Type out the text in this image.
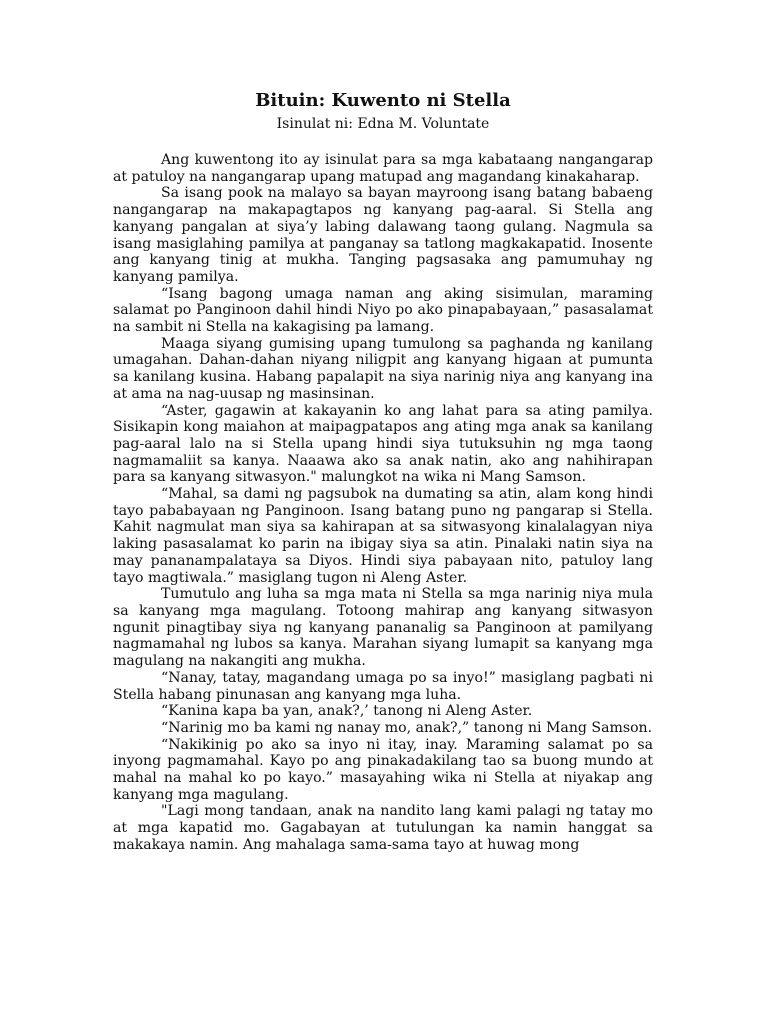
Bituin: Kuwento ni Stella
Isinulat ni: Edna M. Voluntate

Ang kuwentong ito ay isinulat para sa mga kabataang nangangarap at patuloy na nangangarap upang matupad ang magandang kinakaharap.

Sa isang pook na malayo sa bayan mayroong isang batang babaeng nangangarap na makapagtapos ng kanyang pag-aaral. Si Stella ang kanyang pangalan at siya’y labing dalawang taong gulang. Nagmula sa isang masiglahing pamilya at panganay sa tatlong magkakapatid. Inosente ang kanyang tinig at mukha. Tanging pagsasaka ang pamumuhay ng kanyang pamilya.

“Isang bagong umaga naman ang aking sisimulan, maraming salamat po Panginoon dahil hindi Niyo po ako pinapabayaan,” pasasalamat na sambit ni Stella na kakagising pa lamang.

Maaga siyang gumising upang tumulong sa paghanda ng kanilang umagahan. Dahan-dahan niyang niligpit ang kanyang higaan at pumunta sa kanilang kusina. Habang papalapit na siya narinig niya ang kanyang ina at ama na nag-uusap ng masinsinan.

“Aster, gagawin at kakayanin ko ang lahat para sa ating pamilya. Sisikapin kong maiahon at maipagpatapos ang ating mga anak sa kanilang pag-aaral lalo na si Stella upang hindi siya tutuksuhin ng mga taong nagmamaliit sa kanya. Naaawa ako sa anak natin, ako ang nahihirapan para sa kanyang sitwasyon." malungkot na wika ni Mang Samson.

“Mahal, sa dami ng pagsubok na dumating sa atin, alam kong hindi tayo pababayaan ng Panginoon. Isang batang puno ng pangarap si Stella. Kahit nagmulat man siya sa kahirapan at sa sitwasyong kinalalagyan niya laking pasasalamat ko parin na ibigay siya sa atin. Pinalaki natin siya na may pananampalataya sa Diyos. Hindi siya pabayaan nito, patuloy lang tayo magtiwala.” masiglang tugon ni Aleng Aster.

Tumutulo ang luha sa mga mata ni Stella sa mga narinig niya mula sa kanyang mga magulang. Totoong mahirap ang kanyang sitwasyon ngunit pinagtibay siya ng kanyang pananalig sa Panginoon at pamilyang nagmamahal ng lubos sa kanya. Marahan siyang lumapit sa kanyang mga magulang na nakangiti ang mukha.

“Nanay, tatay, magandang umaga po sa inyo!” masiglang pagbati ni Stella habang pinunasan ang kanyang mga luha.

“Kanina kapa ba yan, anak?,’ tanong ni Aleng Aster.

“Narinig mo ba kami ng nanay mo, anak?,” tanong ni Mang Samson.

“Nakikinig po ako sa inyo ni itay, inay. Maraming salamat po sa inyong pagmamahal. Kayo po ang pinakadakilang tao sa buong mundo at mahal na mahal ko po kayo.” masayahing wika ni Stella at niyakap ang kanyang mga magulang.

"Lagi mong tandaan, anak na nandito lang kami palagi ng tatay mo at mga kapatid mo. Gagabayan at tutulungan ka namin hanggat sa makakaya namin. Ang mahalaga sama-sama tayo at huwag mong
